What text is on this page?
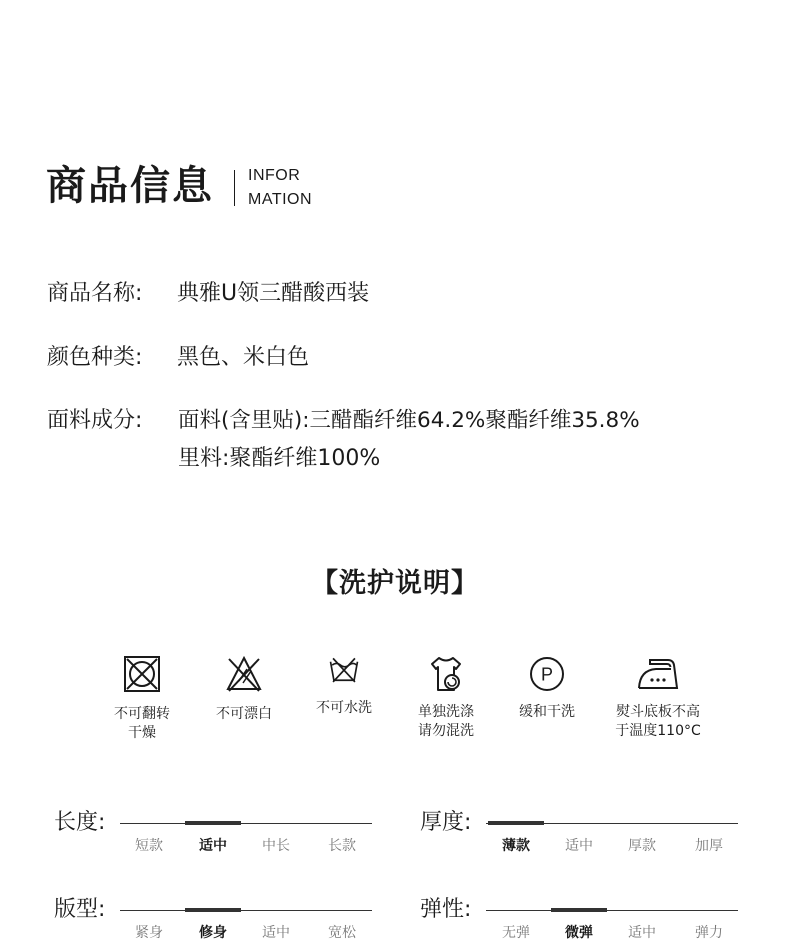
商品信息 INFOR
MATION
商品名称: 典雅U领三醋酸西装
颜色种类: 黑色、米白色
面料成分:	面料(含里贴):三醋酯纤维64.2%聚酯纤维35.8%
里料:聚酯纤维100%
【洗护说明】
不可翻转干燥
不可漂白	不可水洗	单独洗涤请勿混洗
P
缓和干洗	熨斗底板不高于温度110°C
长度:
短款	适中	中长	长款
厚度:
薄款	适中	厚款	加厚
版型:
紧身	修身	适中	宽松
弹性:
无弹	微弹	适中	弹力
